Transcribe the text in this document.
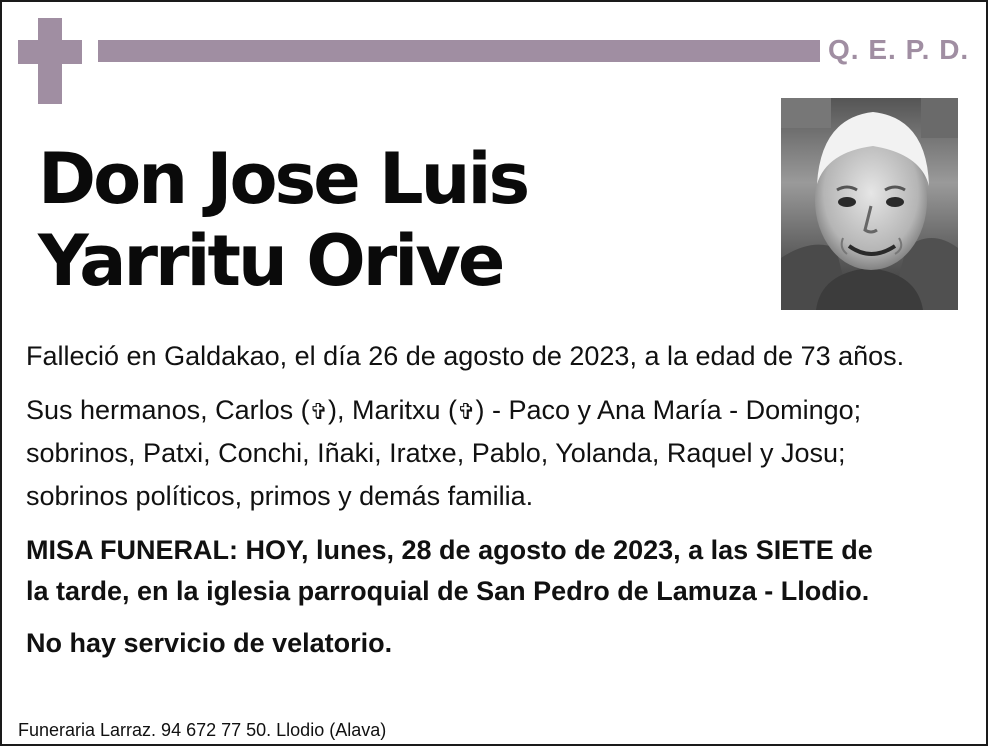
Q. E. P. D.
Don Jose Luis
Yarritu Orive
Falleció en Galdakao, el día 26 de agosto de 2023, a la edad de 73 años.
Sus hermanos, Carlos (✞), Maritxu (✞) - Paco y Ana María - Domingo;
sobrinos, Patxi, Conchi, Iñaki, Iratxe, Pablo, Yolanda, Raquel y Josu;
sobrinos políticos, primos y demás familia.
MISA FUNERAL: HOY, lunes, 28 de agosto de 2023, a las SIETE de
la tarde, en la iglesia parroquial de San Pedro de Lamuza - Llodio.
No hay servicio de velatorio.
Funeraria Larraz. 94 672 77 50. Llodio (Alava)
